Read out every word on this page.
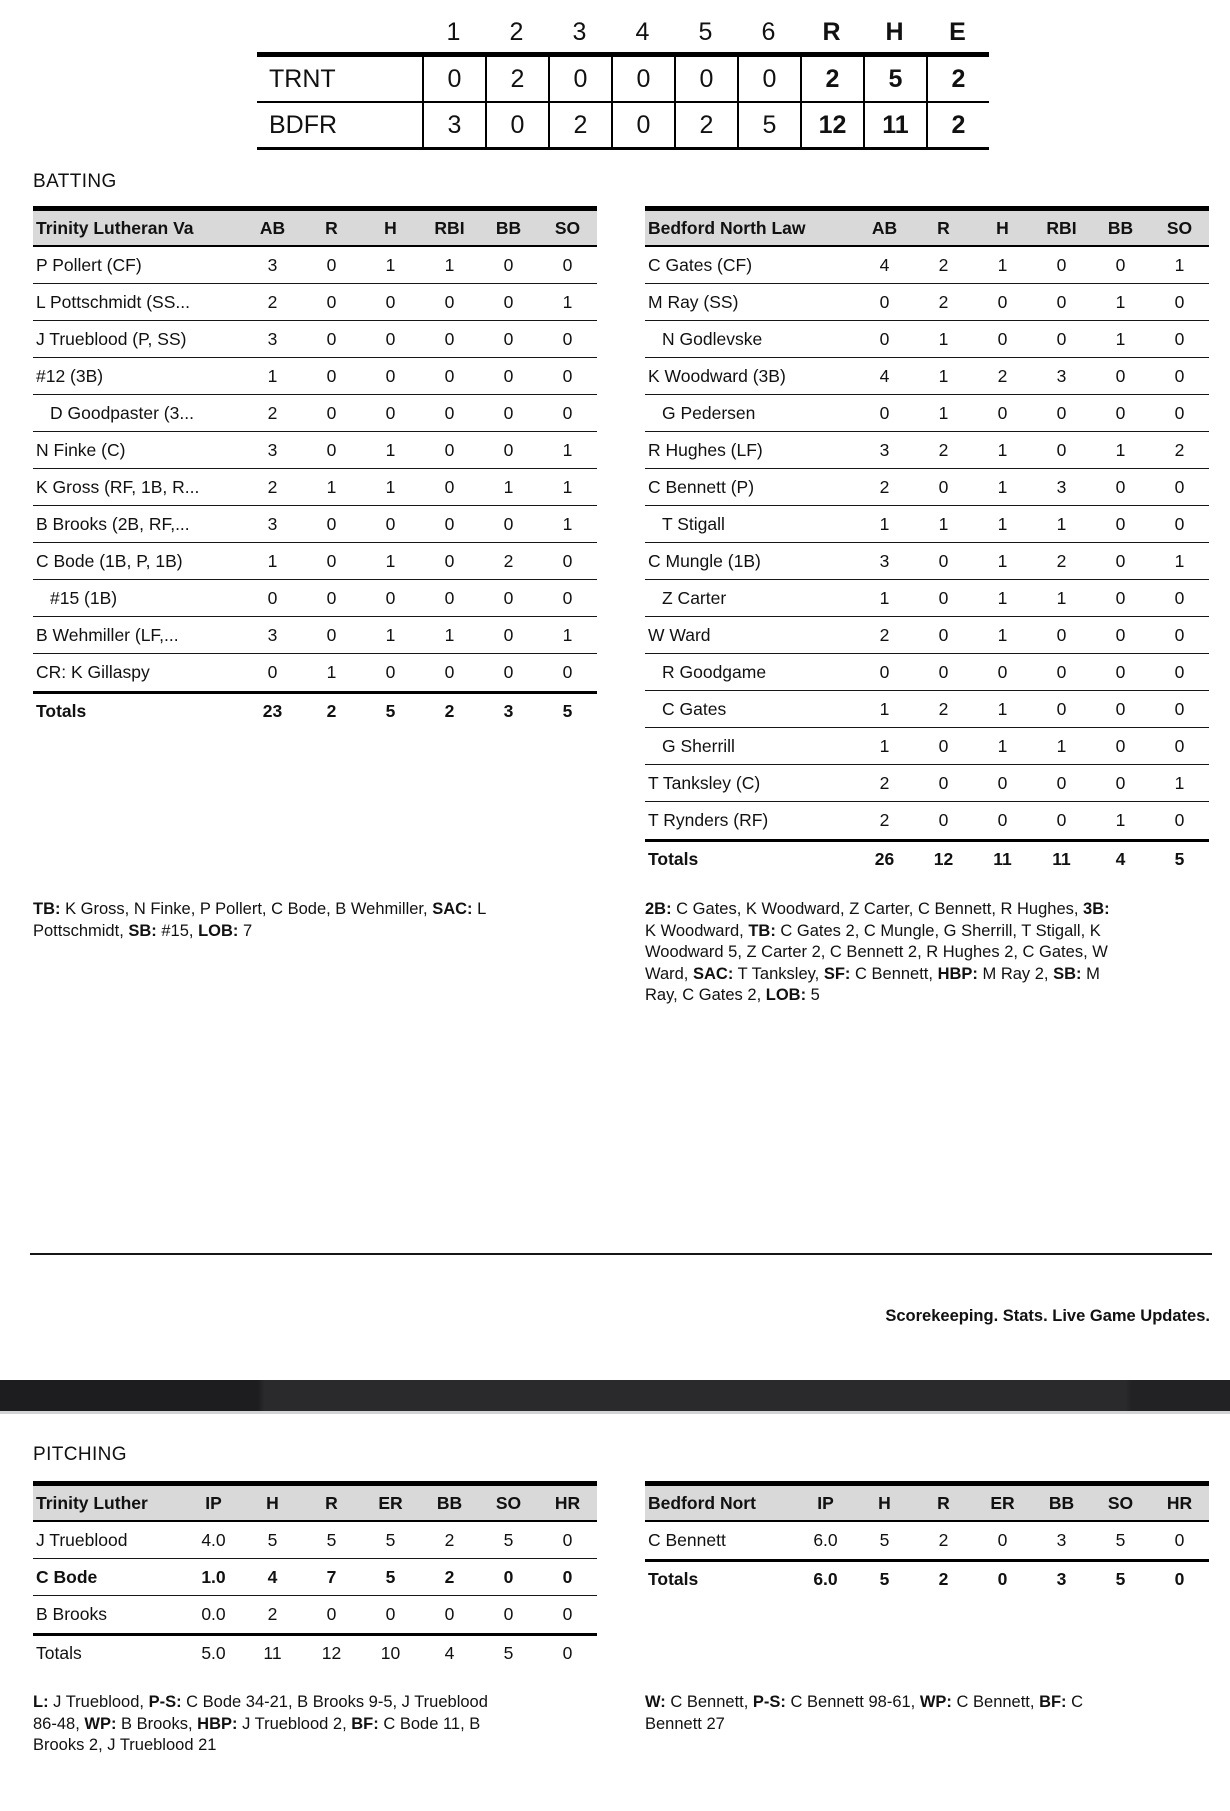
1	2	3	4	5	6	R	H	E
TRNT	0	2	0	0	0	0	2	5	2
BDFR	3	0	2	0	2	5	12	11	2
BATTING
Trinity Lutheran Va	AB	R	H	RBI	BB	SO
P Pollert (CF)	3	0	1	1	0	0
L Pottschmidt (SS...	2	0	0	0	0	1
J Trueblood (P, SS)	3	0	0	0	0	0
#12 (3B)	1	0	0	0	0	0
D Goodpaster (3...	2	0	0	0	0	0
N Finke (C)	3	0	1	0	0	1
K Gross (RF, 1B, R...	2	1	1	0	1	1
B Brooks (2B, RF,...	3	0	0	0	0	1
C Bode (1B, P, 1B)	1	0	1	0	2	0
#15 (1B)	0	0	0	0	0	0
B Wehmiller (LF,...	3	0	1	1	0	1
CR: K Gillaspy	0	1	0	0	0	0
Totals	23	2	5	2	3	5
Bedford North Law	AB	R	H	RBI	BB	SO
C Gates (CF)	4	2	1	0	0	1
M Ray (SS)	0	2	0	0	1	0
N Godlevske	0	1	0	0	1	0
K Woodward (3B)	4	1	2	3	0	0
G Pedersen	0	1	0	0	0	0
R Hughes (LF)	3	2	1	0	1	2
C Bennett (P)	2	0	1	3	0	0
T Stigall	1	1	1	1	0	0
C Mungle (1B)	3	0	1	2	0	1
Z Carter	1	0	1	1	0	0
W Ward	2	0	1	0	0	0
R Goodgame	0	0	0	0	0	0
C Gates	1	2	1	0	0	0
G Sherrill	1	0	1	1	0	0
T Tanksley (C)	2	0	0	0	0	1
T Rynders (RF)	2	0	0	0	1	0
Totals	26	12	11	11	4	5
TB: K Gross, N Finke, P Pollert, C Bode, B Wehmiller, SAC: L Pottschmidt, SB: #15, LOB: 7
2B: C Gates, K Woodward, Z Carter, C Bennett, R Hughes, 3B: K Woodward, TB: C Gates 2, C Mungle, G Sherrill, T Stigall, K Woodward 5, Z Carter 2, C Bennett 2, R Hughes 2, C Gates, W Ward, SAC: T Tanksley, SF: C Bennett, HBP: M Ray 2, SB: M Ray, C Gates 2, LOB: 5
Scorekeeping. Stats. Live Game Updates.
PITCHING
Trinity Luther	IP	H	R	ER	BB	SO	HR
J Trueblood	4.0	5	5	5	2	5	0
C Bode	1.0	4	7	5	2	0	0
B Brooks	0.0	2	0	0	0	0	0
Totals	5.0	11	12	10	4	5	0
Bedford Nort	IP	H	R	ER	BB	SO	HR
C Bennett	6.0	5	2	0	3	5	0
Totals	6.0	5	2	0	3	5	0
L: J Trueblood, P-S: C Bode 34-21, B Brooks 9-5, J Trueblood 86-48, WP: B Brooks, HBP: J Trueblood 2, BF: C Bode 11, B Brooks 2, J Trueblood 21
W: C Bennett, P-S: C Bennett 98-61, WP: C Bennett, BF: C Bennett 27
